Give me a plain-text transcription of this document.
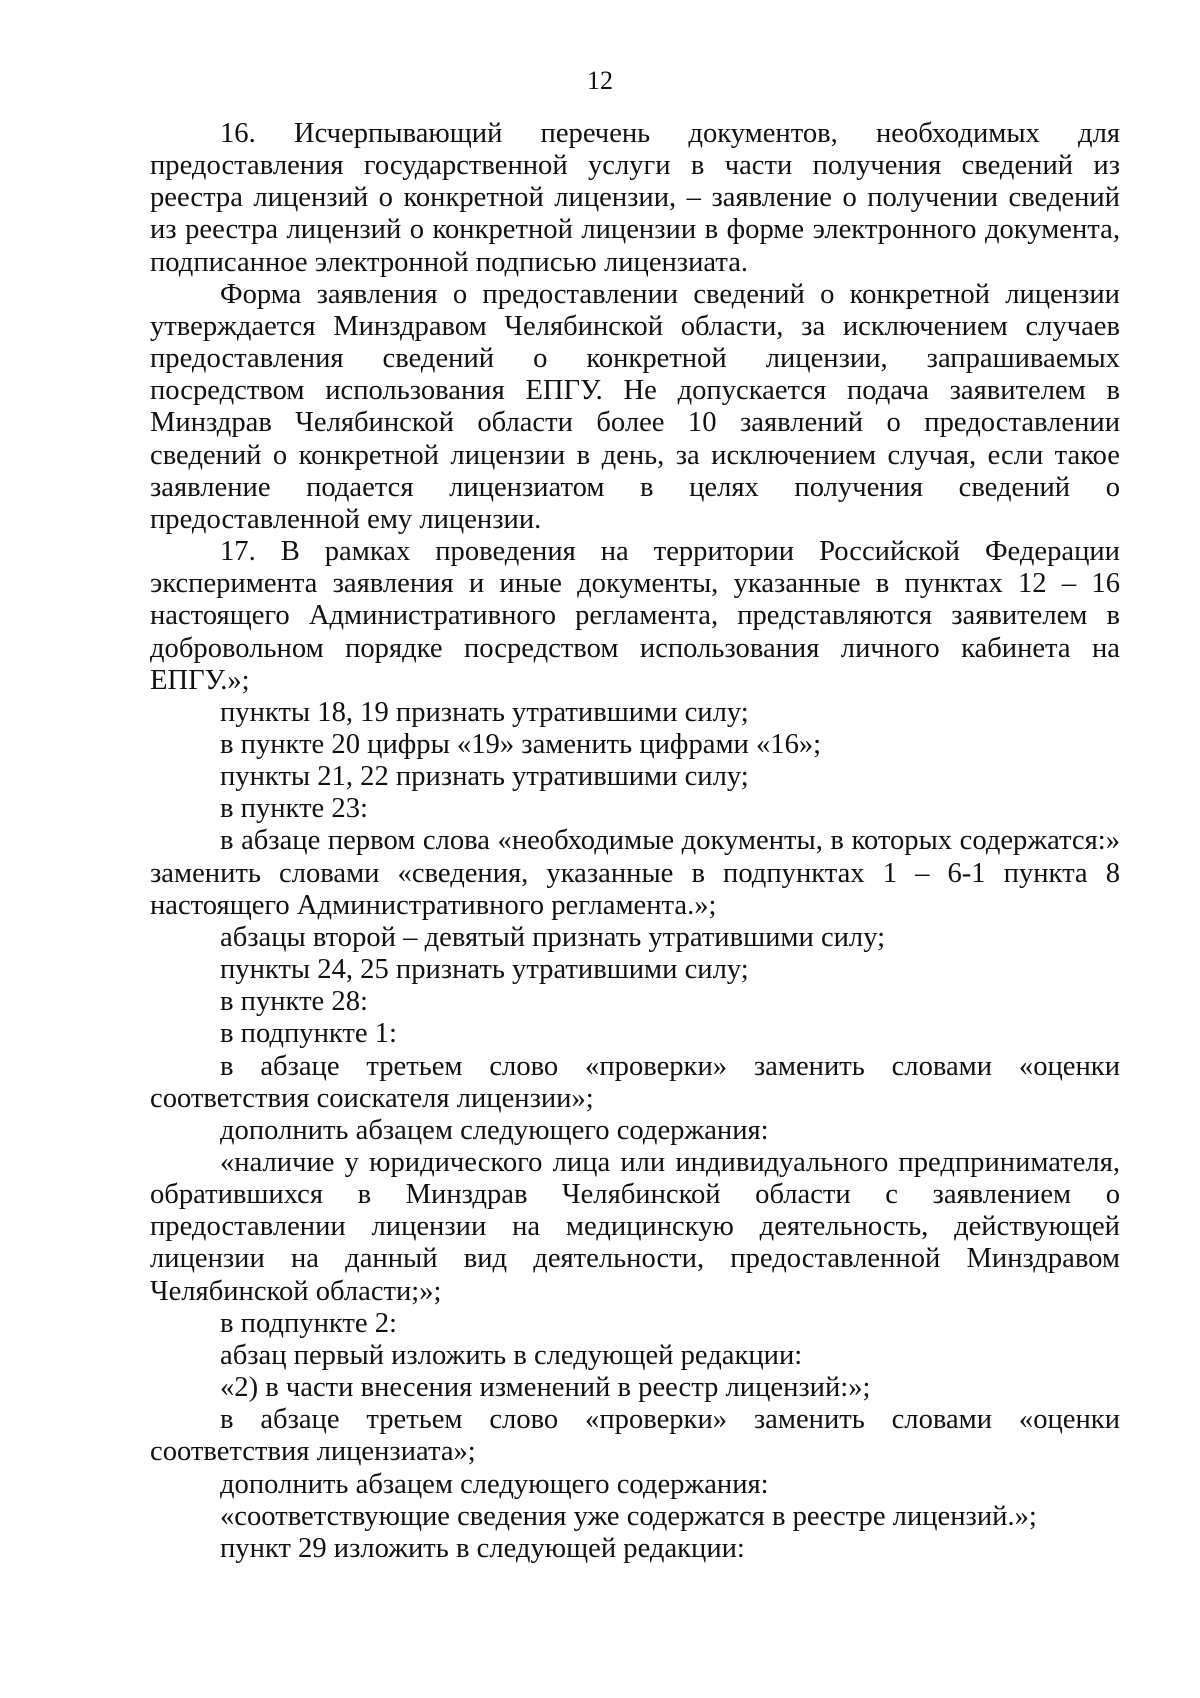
12

16. Исчерпывающий перечень документов, необходимых для предоставления государственной услуги в части получения сведений из реестра лицензий о конкретной лицензии, – заявление о получении сведений из реестра лицензий о конкретной лицензии в форме электронного документа, подписанное электронной подписью лицензиата.

Форма заявления о предоставлении сведений о конкретной лицензии утверждается Минздравом Челябинской области, за исключением случаев предоставления сведений о конкретной лицензии, запрашиваемых посредством использования ЕПГУ. Не допускается подача заявителем в Минздрав Челябинской области более 10 заявлений о предоставлении сведений о конкретной лицензии в день, за исключением случая, если такое заявление подается лицензиатом в целях получения сведений о предоставленной ему лицензии.

17. В рамках проведения на территории Российской Федерации эксперимента заявления и иные документы, указанные в пунктах 12 – 16 настоящего Административного регламента, представляются заявителем в добровольном порядке посредством использования личного кабинета на ЕПГУ.»;

пункты 18, 19 признать утратившими силу;

в пункте 20 цифры «19» заменить цифрами «16»;

пункты 21, 22 признать утратившими силу;

в пункте 23:

в абзаце первом слова «необходимые документы, в которых содержатся:» заменить словами «сведения, указанные в подпунктах 1 – 6-1 пункта 8 настоящего Административного регламента.»;

абзацы второй – девятый признать утратившими силу;

пункты 24, 25 признать утратившими силу;

в пункте 28:

в подпункте 1:

в абзаце третьем слово «проверки» заменить словами «оценки соответствия соискателя лицензии»;

дополнить абзацем следующего содержания:

«наличие у юридического лица или индивидуального предпринимателя, обратившихся в Минздрав Челябинской области с заявлением о предоставлении лицензии на медицинскую деятельность, действующей лицензии на данный вид деятельности, предоставленной Минздравом Челябинской области;»;

в подпункте 2:

абзац первый изложить в следующей редакции:

«2) в части внесения изменений в реестр лицензий:»;

в абзаце третьем слово «проверки» заменить словами «оценки соответствия лицензиата»;

дополнить абзацем следующего содержания:

«соответствующие сведения уже содержатся в реестре лицензий.»;

пункт 29 изложить в следующей редакции:
